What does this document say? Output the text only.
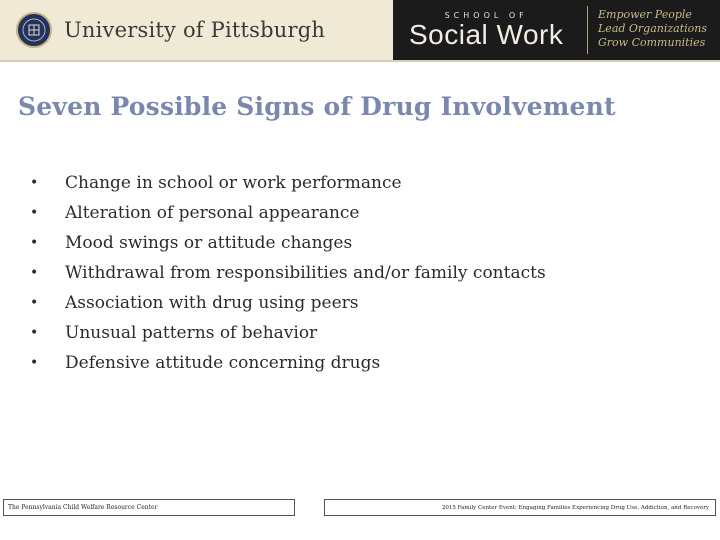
University of Pittsburgh
SCHOOL OF
Social Work
Empower People
Lead Organizations
Grow Communities
Seven Possible Signs of Drug Involvement
•	Change in school or work performance
•	Alteration of personal appearance
•	Mood swings or attitude changes
•	Withdrawal from responsibilities and/or family contacts
•	Association with drug using peers
•	Unusual patterns of behavior
•	Defensive attitude concerning drugs
The Pennsylvania Child Welfare Resource Center	2015 Family Center Event: Engaging Families Experiencing Drug Use, Addiction, and Recovery
